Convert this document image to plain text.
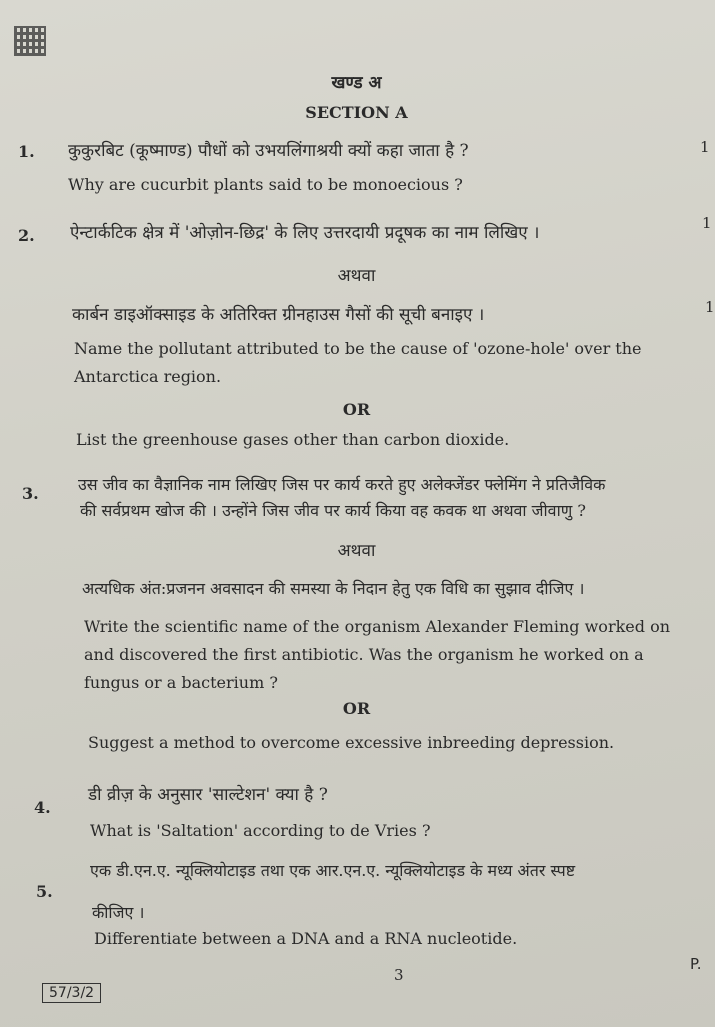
खण्ड अ
SECTION A
1. कुकुरबिट (कूष्माण्ड) पौधों को उभयलिंगाश्रयी क्यों कहा जाता है ?	1
Why are cucurbit plants said to be monoecious ?
2. ऐन्टार्कटिक क्षेत्र में 'ओज़ोन-छिद्र' के लिए उत्तरदायी प्रदूषक का नाम लिखिए ।	1
अथवा
कार्बन डाइऑक्साइड के अतिरिक्त ग्रीनहाउस गैसों की सूची बनाइए ।	1
Name the pollutant attributed to be the cause of 'ozone-hole' over the
Antarctica region.
OR
List the greenhouse gases other than carbon dioxide.
3. उस जीव का वैज्ञानिक नाम लिखिए जिस पर कार्य करते हुए अलेक्जेंडर फ्लेमिंग ने प्रतिजैविक
की सर्वप्रथम खोज की । उन्होंने जिस जीव पर कार्य किया वह कवक था अथवा जीवाणु ?
अथवा
अत्यधिक अंत:प्रजनन अवसादन की समस्या के निदान हेतु एक विधि का सुझाव दीजिए ।
Write the scientific name of the organism Alexander Fleming worked on
and discovered the first antibiotic. Was the organism he worked on a
fungus or a bacterium ?
OR
Suggest a method to overcome excessive inbreeding depression.
4.
डी व्रीज़ के अनुसार 'साल्टेशन' क्या है ?
What is 'Saltation' according to de Vries ?
5.
एक डी.एन.ए. न्यूक्लियोटाइड तथा एक आर.एन.ए. न्यूक्लियोटाइड के मध्य अंतर स्पष्ट
कीजिए ।
Differentiate between a DNA and a RNA nucleotide.
57/3/2
3
P.
